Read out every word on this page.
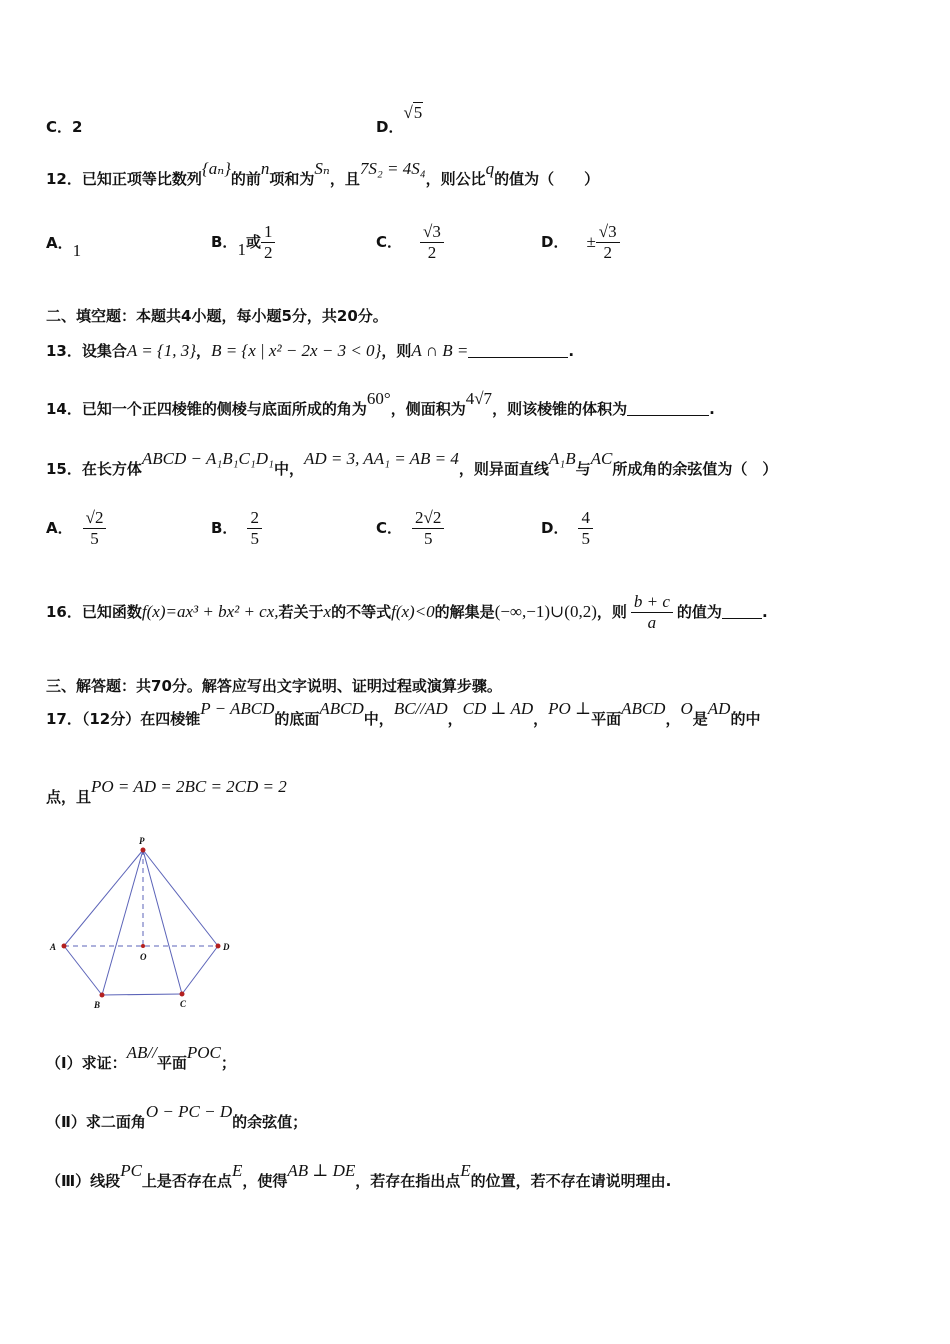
C．2	D．√5
12．已知正项等比数列{aₙ}的前n项和为Sₙ，且7S₂ = 4S₄，则公比q的值为（　　）
A．1	B．1或 $\frac{1}{2}$	C． $\frac{√3}{2}$	D． ± $\frac{√3}{2}$
二、填空题：本题共4小题，每小题5分，共20分。
13．设集合A = {1, 3}，B = {x | x² − 2x − 3 < 0}，则A ∩ B =	.
14．已知一个正四棱锥的侧棱与底面所成的角为60°，侧面积为4√7，则该棱锥的体积为	.
15．在长方体ABCD − A₁B₁C₁D₁中，AD = 3, AA₁ = AB = 4，则异面直线A₁B与AC所成角的余弦值为（　）
A． $\frac{√2}{5}$	B． $\frac{2}{5}$	C． $\frac{2√2}{5}$	D． $\frac{4}{5}$
16．已知函数f(x)=ax³ + bx² + cx,若关于x的不等式f(x)<0的解集是(−∞,−1)∪(0,2)，则 $\frac{b + c}{a}$ 的值为	.
三、解答题：共70分。解答应写出文字说明、证明过程或演算步骤。
17．（12分）在四棱锥P − ABCD的底面ABCD中，BC//AD，CD ⊥ AD，PO ⊥平面ABCD，O是AD的中
点，且PO = AD = 2BC = 2CD = 2
P
A
O
D
B	C
（Ⅰ）求证：AB//平面POC；
（Ⅱ）求二面角O − PC − D的余弦值；
（Ⅲ）线段PC上是否存在点E，使得AB ⊥ DE，若存在指出点E的位置，若不存在请说明理由.
